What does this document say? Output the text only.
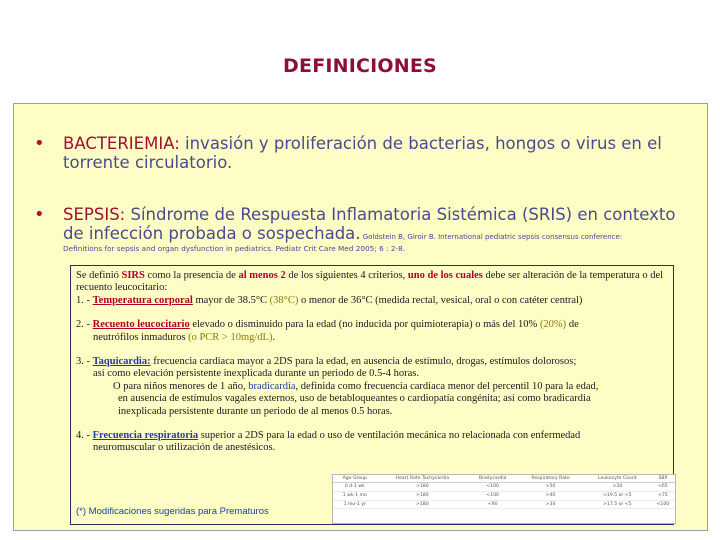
DEFINICIONES
• BACTERIEMIA: invasión y proliferación de bacterias, hongos o virus en el torrente circulatorio.
• SEPSIS: Síndrome de Respuesta Inflamatoria Sistémica (SRIS) en contexto de infección probada o sospechada. Goldstein B, Giroir B. International pediatric sepsis consensus conference:
Definitions for sepsis and organ dysfunction in pediatrics. Pediatr Crit Care Med 2005; 6 : 2-8.

Se definió SIRS como la presencia de al menos 2 de los siguientes 4 criterios, uno de los cuales debe ser alteración de la temperatura o del recuento leucocitario:

1. - Temperatura corporal mayor de 38.5°C (38°C) o menor de 36°C (medida rectal, vesical, oral o con catéter central)

2. - Recuento leucocitario elevado o disminuido para la edad (no inducida por quimioterapia) o más del 10% (20%) de

neutrófilos inmaduros (o PCR > 10mg/dL).

3. - Taquicardia: frecuencia cardiaca mayor a 2DS para la edad, en ausencia de estímulo, drogas, estímulos dolorosos;

así como elevación persistente inexplicada durante un periodo de 0.5-4 horas.

O para niños menores de 1 año, bradicardia, definida como frecuencia cardiaca menor del percentil 10 para la edad,

en ausencia de estímulos vagales externos, uso de betabloqueantes o cardiopatía congénita; así como bradicardia

inexplicada persistente durante un periodo de al menos 0.5 horas.

4. - Frecuencia respiratoria superior a 2DS para la edad o uso de ventilación mecánica no relacionada con enfermedad

neuromuscular o utilización de anestésicos.

Age Group	Heart Rate Tachycardia	Bradycardia	Respiratory Rate	Leukocyte Count	SBP
0 d-1 wk	>180	<100	>50	>34	<65
1 wk-1 mo	>180	<100	>40	>19.5 or <5	<75
1 mo-1 yr	>180	<90	>34	>17.5 or <5	<100
(*) Modificaciones sugeridas para Prematuros
